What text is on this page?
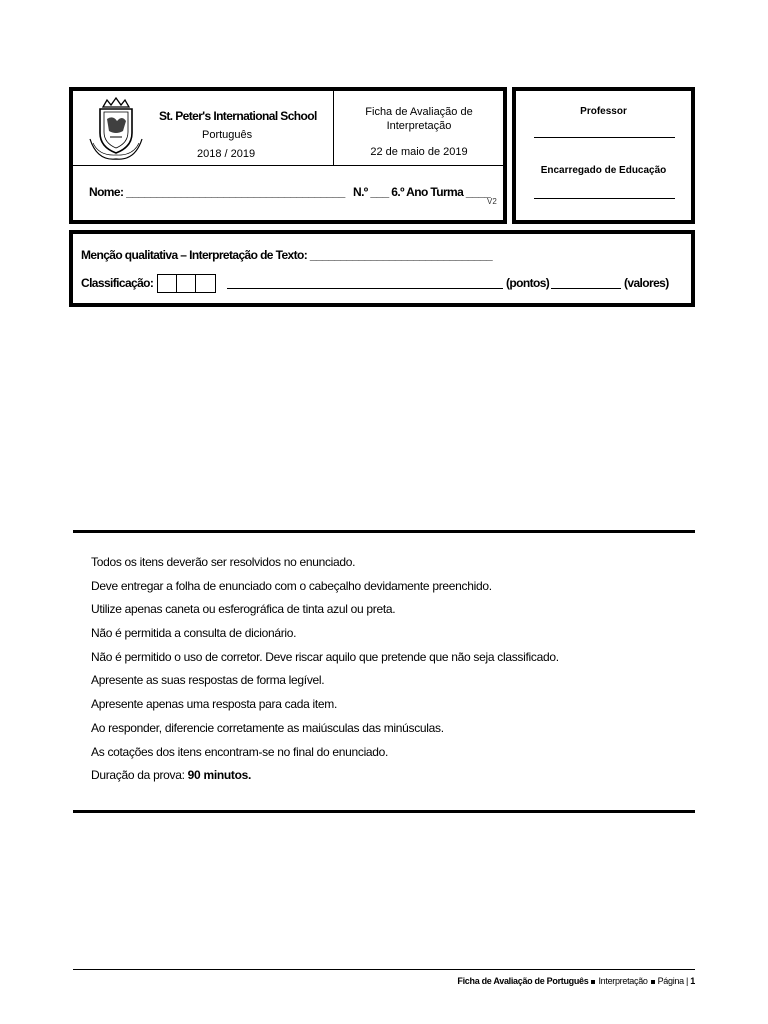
St. Peter's International School
Português
2018 / 2019
Ficha de Avaliação de Interpretação
22 de maio de 2019
Nome: ____________________________________ N.º ___ 6.º Ano Turma ____
V2
Professor
Encarregado de Educação
Menção qualitativa – Interpretação de Texto: ______________________________
Classificação:	(pontos)	(valores)
Todos os itens deverão ser resolvidos no enunciado.
Deve entregar a folha de enunciado com o cabeçalho devidamente preenchido.
Utilize apenas caneta ou esferográfica de tinta azul ou preta.
Não é permitida a consulta de dicionário.
Não é permitido o uso de corretor. Deve riscar aquilo que pretende que não seja classificado.
Apresente as suas respostas de forma legível.
Apresente apenas uma resposta para cada item.
Ao responder, diferencie corretamente as maiúsculas das minúsculas.
As cotações dos itens encontram-se no final do enunciado.
Duração da prova: 90 minutos.
Ficha de Avaliação de Português Interpretação Página | 1
